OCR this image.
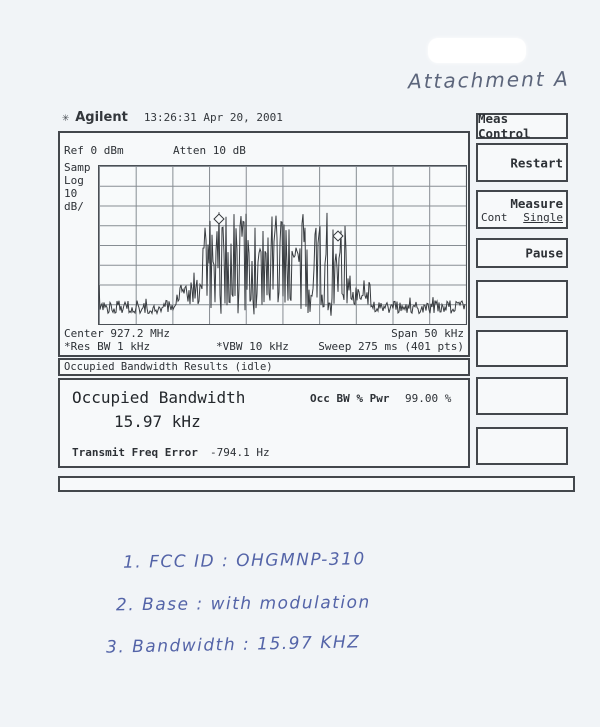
Attachment A
✳ Agilent 13:26:31 Apr 20, 2001
Ref 0 dBm	Atten 10 dB
Samp
Log
10
dB/
Center 927.2 MHz	Span 50 kHz
*Res BW 1 kHz	*VBW 10 kHz	Sweep 275 ms (401 pts)
Occupied Bandwidth Results (idle)
Occupied Bandwidth
15.97 kHz
Occ BW % Pwr 99.00 %
Transmit Freq Error -794.1 Hz
Meas Control
Restart
Measure
Cont Single
Pause
1. FCC ID : OHGMNP-310
2. Base : with modulation
3. Bandwidth : 15.97 KHZ
